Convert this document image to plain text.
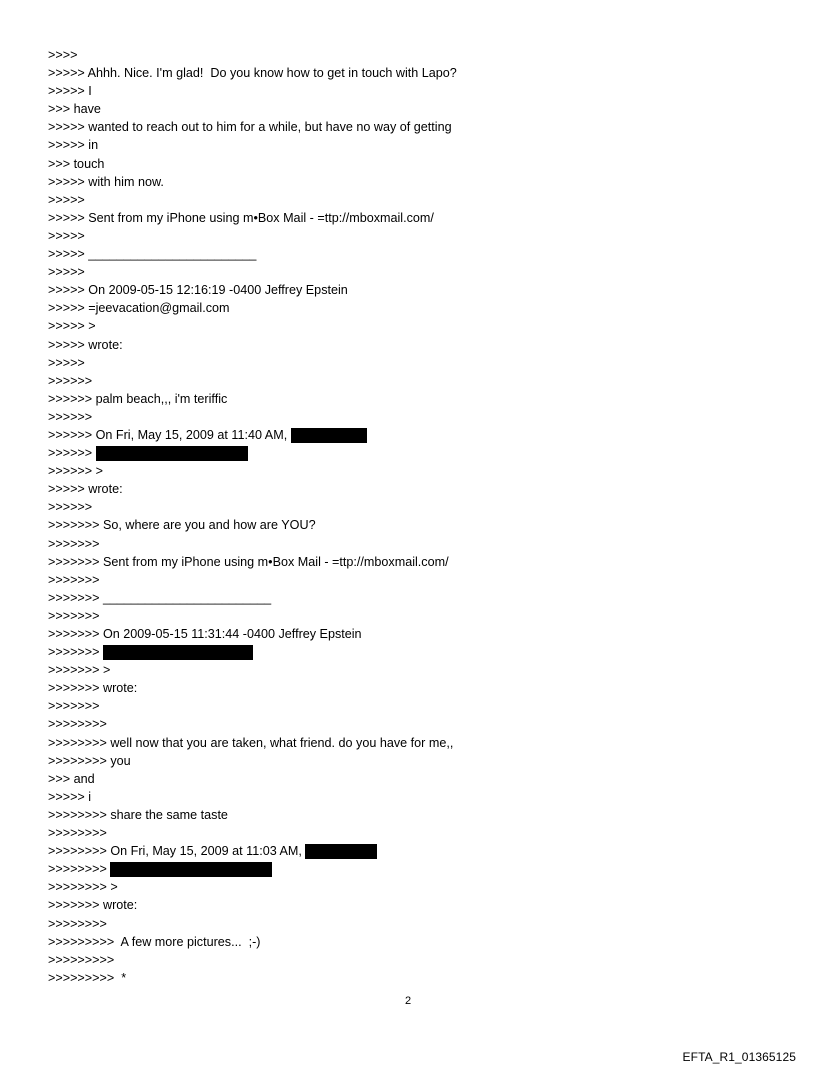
>>>>
>>>>> Ahhh. Nice. I'm glad!  Do you know how to get in touch with Lapo?
>>>>> I
>>> have
>>>>> wanted to reach out to him for a while, but have no way of getting
>>>>> in
>>> touch
>>>>> with him now.
>>>>>
>>>>> Sent from my iPhone using m•Box Mail - =ttp://mboxmail.com/
>>>>>
>>>>> ________________________
>>>>>
>>>>> On 2009-05-15 12:16:19 -0400 Jeffrey Epstein
>>>>> =jeevacation@gmail.com
>>>>> >
>>>>> wrote:
>>>>>
>>>>>>
>>>>>> palm beach,,, i'm teriffic
>>>>>>
>>>>>> On Fri, May 15, 2009 at 11:40 AM,
>>>>>>
>>>>>> >
>>>>> wrote:
>>>>>>
>>>>>>> So, where are you and how are YOU?
>>>>>>>
>>>>>>> Sent from my iPhone using m•Box Mail - =ttp://mboxmail.com/
>>>>>>>
>>>>>>> ________________________
>>>>>>>
>>>>>>> On 2009-05-15 11:31:44 -0400 Jeffrey Epstein
>>>>>>>
>>>>>>> >
>>>>>>> wrote:
>>>>>>>
>>>>>>>>
>>>>>>>> well now that you are taken, what friend. do you have for me,,
>>>>>>>> you
>>> and
>>>>> i
>>>>>>>> share the same taste
>>>>>>>>
>>>>>>>> On Fri, May 15, 2009 at 11:03 AM,
>>>>>>>>
>>>>>>>> >
>>>>>>> wrote:
>>>>>>>>
>>>>>>>>>  A few more pictures...  ;-)
>>>>>>>>>
>>>>>>>>>  *
2
EFTA_R1_01365125
